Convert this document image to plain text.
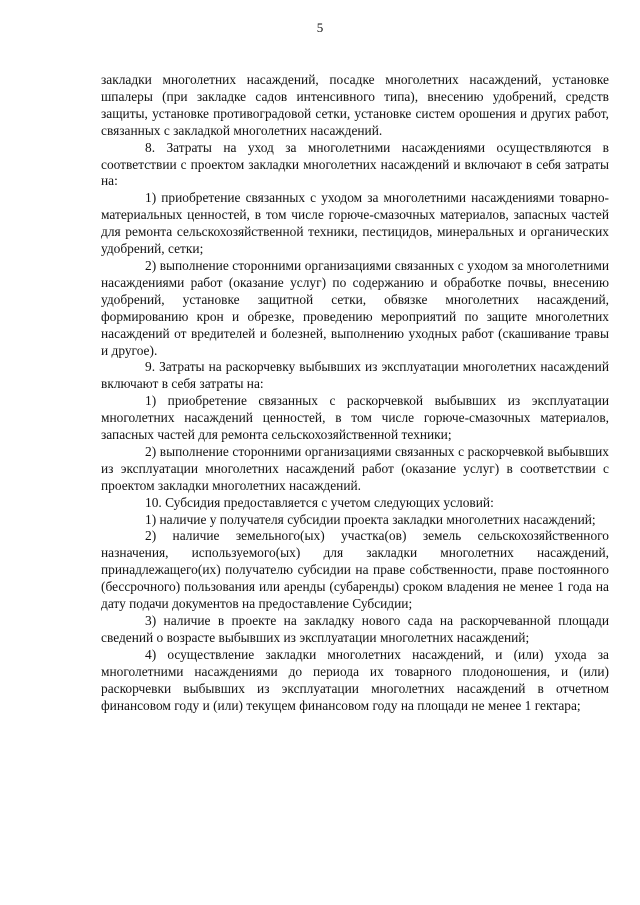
5

закладки многолетних насаждений, посадке многолетних насаждений, установке шпалеры (при закладке садов интенсивного типа), внесению удобрений, средств защиты, установке противоградовой сетки, установке систем орошения и других работ, связанных с закладкой многолетних насаждений.

8. Затраты на уход за многолетними насаждениями осуществляются в соответствии с проектом закладки многолетних насаждений и включают в себя затраты на:

1) приобретение связанных с уходом за многолетними насаждениями товарно-материальных ценностей, в том числе горюче-смазочных материалов, запасных частей для ремонта сельскохозяйственной техники, пестицидов, минеральных и органических удобрений, сетки;

2) выполнение сторонними организациями связанных с уходом за многолетними насаждениями работ (оказание услуг) по содержанию и обработке почвы, внесению удобрений, установке защитной сетки, обвязке многолетних насаждений, формированию крон и обрезке, проведению мероприятий по защите многолетних насаждений от вредителей и болезней, выполнению уходных работ (скашивание травы и другое).

9. Затраты на раскорчевку выбывших из эксплуатации многолетних насаждений включают в себя затраты на:

1) приобретение связанных с раскорчевкой выбывших из эксплуатации многолетних насаждений ценностей, в том числе горюче-смазочных материалов, запасных частей для ремонта сельскохозяйственной техники;

2) выполнение сторонними организациями связанных с раскорчевкой выбывших из эксплуатации многолетних насаждений работ (оказание услуг) в соответствии с проектом закладки многолетних насаждений.

10. Субсидия предоставляется с учетом следующих условий:

1) наличие у получателя субсидии проекта закладки многолетних насаждений;

2) наличие земельного(ых) участка(ов) земель сельскохозяйственного назначения, используемого(ых) для закладки многолетних насаждений, принадлежащего(их) получателю субсидии на праве собственности, праве постоянного (бессрочного) пользования или аренды (субаренды) сроком владения не менее 1 года на дату подачи документов на предоставление Субсидии;

3) наличие в проекте на закладку нового сада на раскорчеванной площади сведений о возрасте выбывших из эксплуатации многолетних насаждений;

4) осуществление закладки многолетних насаждений, и (или) ухода за многолетними насаждениями до периода их товарного плодоношения, и (или) раскорчевки выбывших из эксплуатации многолетних насаждений в отчетном финансовом году и (или) текущем финансовом году на площади не менее 1 гектара;
